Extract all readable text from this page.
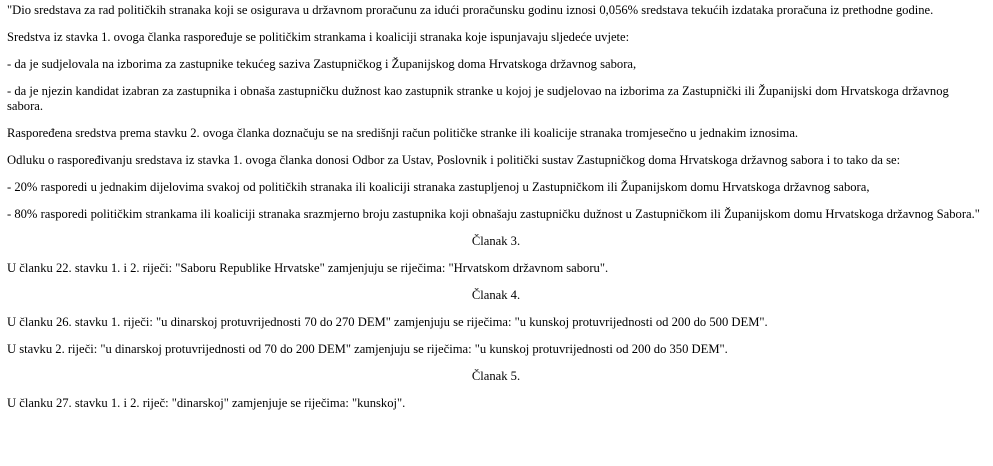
"Dio sredstava za rad političkih stranaka koji se osigurava u državnom proračunu za idući proračunsku godinu iznosi 0,056% sredstava tekućih izdataka proračuna iz prethodne godine.

Sredstva iz stavka 1. ovoga članka raspoređuje se političkim strankama i koaliciji stranaka koje ispunjavaju sljedeće uvjete:

- da je sudjelovala na izborima za zastupnike tekućeg saziva Zastupničkog i Županijskog doma Hrvatskoga državnog sabora,

- da je njezin kandidat izabran za zastupnika i obnaša zastupničku dužnost kao zastupnik stranke u kojoj je sudjelovao na izborima za Zastupnički ili Županijski dom Hrvatskoga državnog sabora.

Raspoređena sredstva prema stavku 2. ovoga članka doznačuju se na središnji račun političke stranke ili koalicije stranaka tromjesečno u jednakim iznosima.

Odluku o raspoređivanju sredstava iz stavka 1. ovoga članka donosi Odbor za Ustav, Poslovnik i politički sustav Zastupničkog doma Hrvatskoga državnog sabora i to tako da se:

- 20% rasporedi u jednakim dijelovima svakoj od političkih stranaka ili koaliciji stranaka zastupljenoj u Zastupničkom ili Županijskom domu Hrvatskoga državnog sabora,

- 80% rasporedi političkim strankama ili koaliciji stranaka srazmjerno broju zastupnika koji obnašaju zastupničku dužnost u Zastupničkom ili Županijskom domu Hrvatskoga državnog Sabora."

Članak 3.

U članku 22. stavku 1. i 2. riječi: "Saboru Republike Hrvatske" zamjenjuju se riječima: "Hrvatskom državnom saboru".

Članak 4.

U članku 26. stavku 1. riječi: "u dinarskoj protuvrijednosti 70 do 270 DEM" zamjenjuju se riječima: "u kunskoj protuvrijednosti od 200 do 500 DEM".

U stavku 2. riječi: "u dinarskoj protuvrijednosti od 70 do 200 DEM" zamjenjuju se riječima: "u kunskoj protuvrijednosti od 200 do 350 DEM".

Članak 5.

U članku 27. stavku 1. i 2. riječ: "dinarskoj" zamjenjuje se riječima: "kunskoj".
